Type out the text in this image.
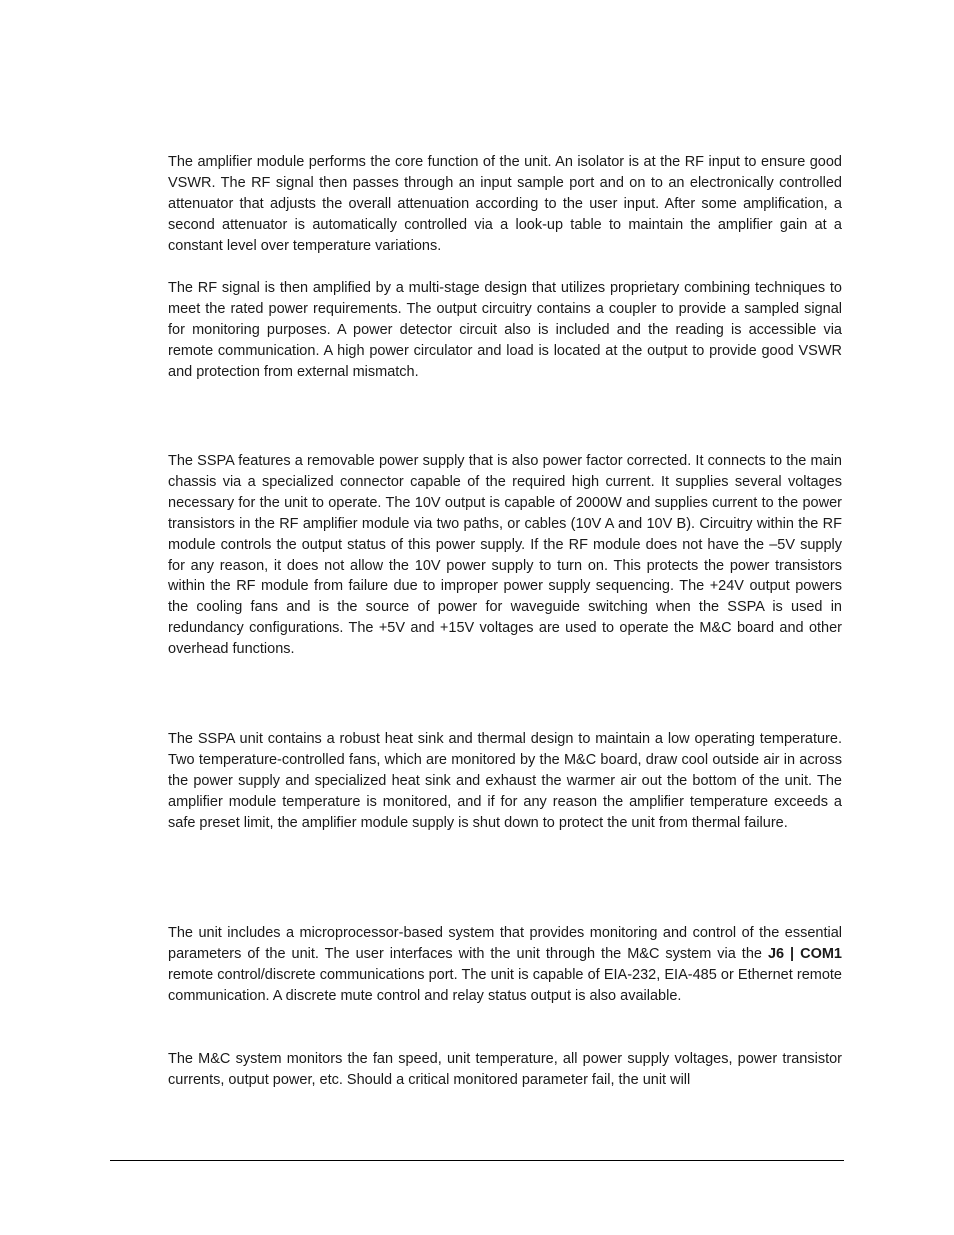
The amplifier module performs the core function of the unit. An isolator is at the RF input to ensure good VSWR. The RF signal then passes through an input sample port and on to an electronically controlled attenuator that adjusts the overall attenuation according to the user input. After some amplification, a second attenuator is automatically controlled via a look-up table to maintain the amplifier gain at a constant level over temperature variations.

The RF signal is then amplified by a multi-stage design that utilizes proprietary combining techniques to meet the rated power requirements. The output circuitry contains a coupler to provide a sampled signal for monitoring purposes. A power detector circuit also is included and the reading is accessible via remote communication. A high power circulator and load is located at the output to provide good VSWR and protection from external mismatch.

The SSPA features a removable power supply that is also power factor corrected. It connects to the main chassis via a specialized connector capable of the required high current. It supplies several voltages necessary for the unit to operate. The 10V output is capable of 2000W and supplies current to the power transistors in the RF amplifier module via two paths, or cables (10V A and 10V B). Circuitry within the RF module controls the output status of this power supply. If the RF module does not have the –5V supply for any reason, it does not allow the 10V power supply to turn on. This protects the power transistors within the RF module from failure due to improper power supply sequencing. The +24V output powers the cooling fans and is the source of power for waveguide switching when the SSPA is used in redundancy configurations. The +5V and +15V voltages are used to operate the M&C board and other overhead functions.

The SSPA unit contains a robust heat sink and thermal design to maintain a low operating temperature. Two temperature-controlled fans, which are monitored by the M&C board, draw cool outside air in across the power supply and specialized heat sink and exhaust the warmer air out the bottom of the unit. The amplifier module temperature is monitored, and if for any reason the amplifier temperature exceeds a safe preset limit, the amplifier module supply is shut down to protect the unit from thermal failure.

The unit includes a microprocessor-based system that provides monitoring and control of the essential parameters of the unit. The user interfaces with the unit through the M&C system via the J6 | COM1 remote control/discrete communications port. The unit is capable of EIA-232, EIA-485 or Ethernet remote communication. A discrete mute control and relay status output is also available.

The M&C system monitors the fan speed, unit temperature, all power supply voltages, power transistor currents, output power, etc. Should a critical monitored parameter fail, the unit will
